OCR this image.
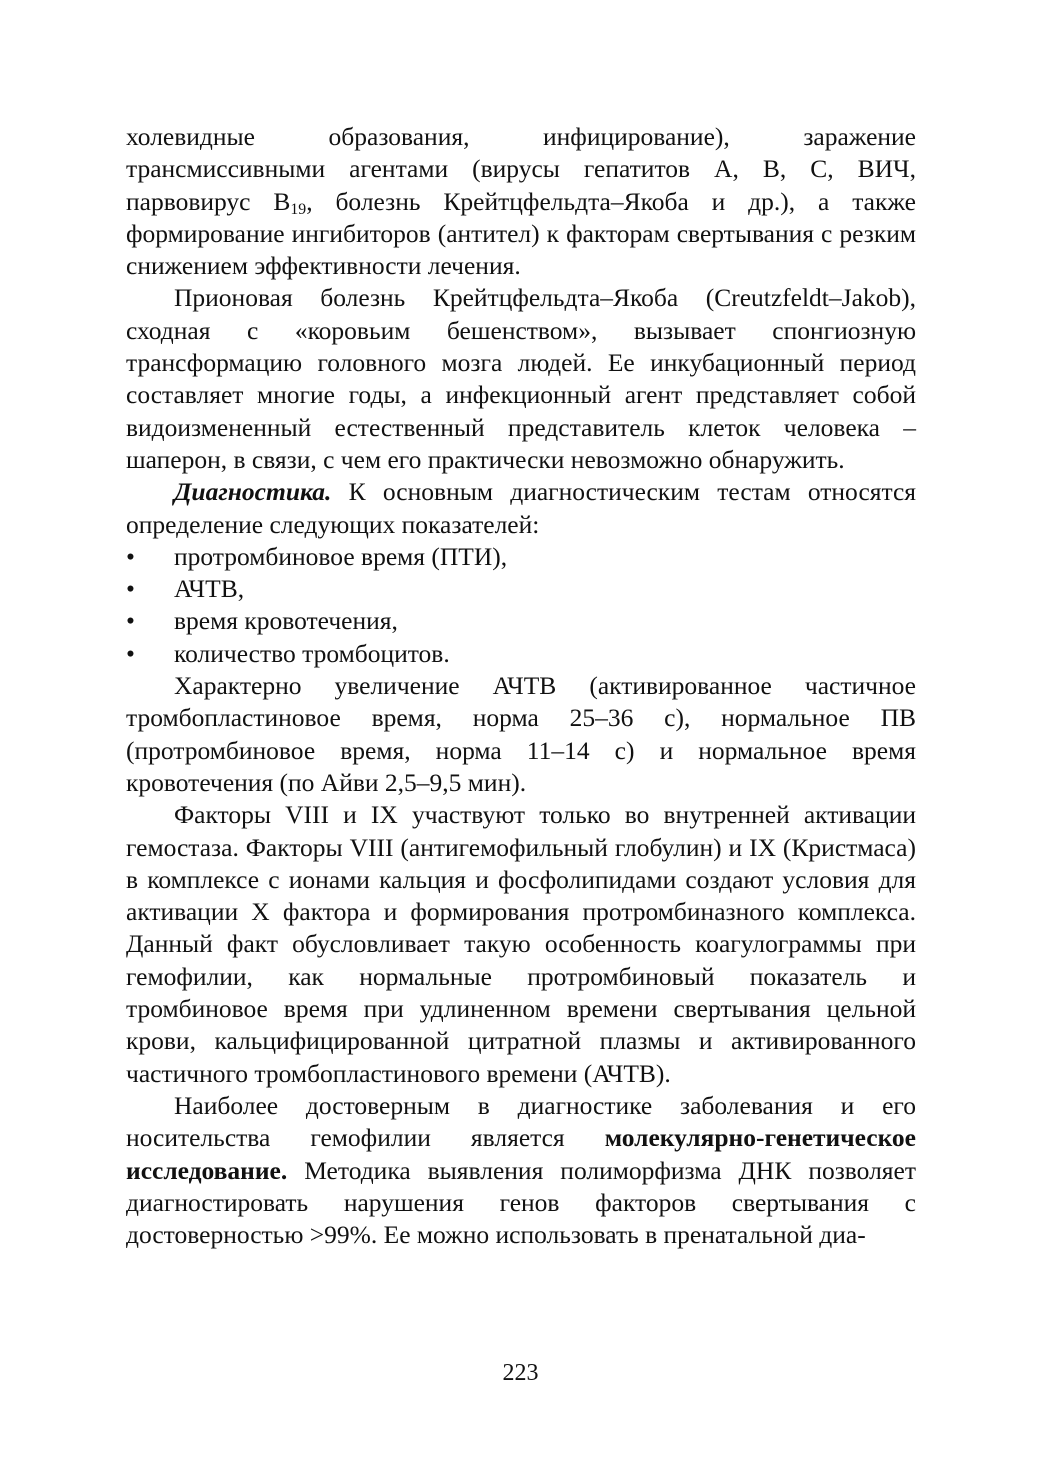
холевидные образования, инфицирование), заражение трансмиссивными агентами (вирусы гепатитов А, В, С, ВИЧ, парвовирус $В_{19}$, болезнь Крейтцфельдта–Якоба и др.), а также формирование ингибиторов (антител) к факторам свертывания с резким снижением эффективности лечения.

Прионовая болезнь Крейтцфельдта–Якоба (Creutzfeldt–Jakob), сходная с «коровьим бешенством», вызывает спонгиозную трансформацию головного мозга людей. Ее инкубационный период составляет многие годы, а инфекционный агент представляет собой видоизмененный естественный представитель клеток человека – шаперон, в связи, с чем его практически невозможно обнаружить.

Диагностика. К основным диагностическим тестам относятся определение следующих показателей:

• протромбиновое время (ПТИ),
• АЧТВ,
• время кровотечения,
• количество тромбоцитов.

Характерно увеличение АЧТВ (активированное частичное тромбопластиновое время, норма 25–36 с), нормальное ПВ (протромбиновое время, норма 11–14 с) и нормальное время кровотечения (по Айви 2,5–9,5 мин).

Факторы VIII и IX участвуют только во внутренней активации гемостаза. Факторы VIII (антигемофильный глобулин) и IX (Кристмаса) в комплексе с ионами кальция и фосфолипидами создают условия для активации X фактора и формирования протромбиназного комплекса. Данный факт обусловливает такую особенность коагулограммы при гемофилии, как нормальные протромбиновый показатель и тромбиновое время при удлиненном времени свертывания цельной крови, кальцифицированной цитратной плазмы и активированного частичного тромбопластинового времени (АЧТВ).

Наиболее достоверным в диагностике заболевания и его носительства гемофилии является молекулярно-генетическое исследование. Методика выявления полиморфизма ДНК позволяет диагностировать нарушения генов факторов свертывания с достоверностью >99%. Ее можно использовать в пренатальной диа-

223
